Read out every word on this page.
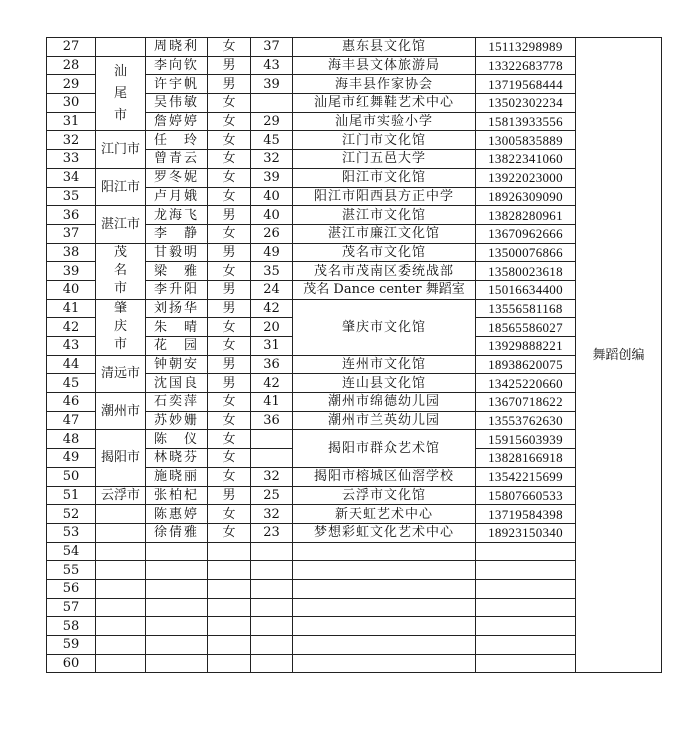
27		周晓利	女	37	惠东县文化馆	15113298989	舞蹈创编
28	汕尾市	李向钦	男	43	海丰县文体旅游局	13322683778	
29		许宇帆	男	39	海丰县作家协会	13719568444	
30		吴伟敏	女		汕尾市红舞鞋艺术中心	13502302234	
31		詹婷婷	女	29	汕尾市实验小学	15813933556	
32	江门市	任　玲	女	45	江门市文化馆	13005835889	
33		曾青云	女	32	江门五邑大学	13822341060	
34	阳江市	罗冬妮	女	39	阳江市文化馆	13922023000	
35		卢月娥	女	40	阳江市阳西县方正中学	18926309090	
36	湛江市	龙海飞	男	40	湛江市文化馆	13828280961	
37		李　静	女	26	湛江市廉江文化馆	13670962666	
38	茂名市	甘毅明	男	49	茂名市文化馆	13500076866	
39		梁　雅	女	35	茂名市茂南区委统战部	13580023618	
40		李升阳	男	24	茂名 Dance center 舞蹈室	15016634400	
41	肇庆市	刘扬华	男	42	肇庆市文化馆	13556581168	
42		朱　晴	女	20		18565586027	
43		花　园	女	31		13929888221	
44	清远市	钟朝安	男	36	连州市文化馆	18938620075	
45		沈国良	男	42	连山县文化馆	13425220660	
46	潮州市	石奕萍	女	41	潮州市绵德幼儿园	13670718622	
47		苏妙姗	女	36	潮州市兰英幼儿园	13553762630	
48	揭阳市	陈　仪	女		揭阳市群众艺术馆	15915603939	
49		林晓芬	女			13828166918	
50		施晓丽	女	32	揭阳市榕城区仙滘学校	13542215699	
51	云浮市	张柏杞	男	25	云浮市文化馆	15807660533	
52		陈惠婷	女	32	新天虹艺术中心	13719584398	
53		徐倩雅	女	23	梦想彩虹文化艺术中心	18923150340	
54							
55							
56							
57							
58							
59							
60							
